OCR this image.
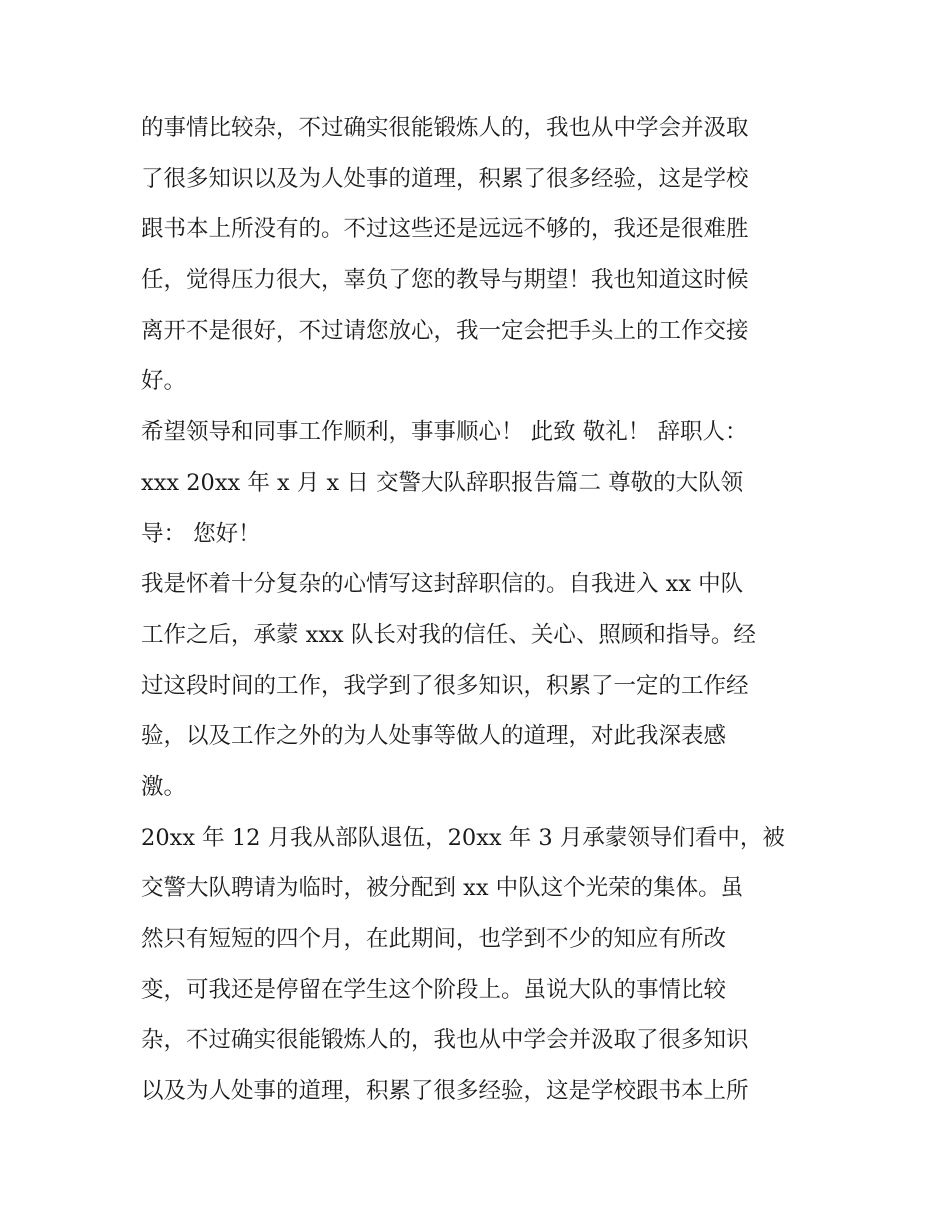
的事情比较杂，不过确实很能锻炼人的，我也从中学会并汲取
了很多知识以及为人处事的道理，积累了很多经验，这是学校
跟书本上所没有的。不过这些还是远远不够的，我还是很难胜
任，觉得压力很大，辜负了您的教导与期望！我也知道这时候
离开不是很好，不过请您放心，我一定会把手头上的工作交接
好。
希望领导和同事工作顺利，事事顺心！ 此致 敬礼！ 辞职人：
xxx 20xx 年 x 月 x 日 交警大队辞职报告篇二 尊敬的大队领
导： 您好！
我是怀着十分复杂的心情写这封辞职信的。自我进入 xx 中队
工作之后，承蒙 xxx 队长对我的信任、关心、照顾和指导。经
过这段时间的工作，我学到了很多知识，积累了一定的工作经
验，以及工作之外的为人处事等做人的道理，对此我深表感
激。
20xx 年 12 月我从部队退伍，20xx 年 3 月承蒙领导们看中，被
交警大队聘请为临时，被分配到 xx 中队这个光荣的集体。虽
然只有短短的四个月，在此期间，也学到不少的知应有所改
变，可我还是停留在学生这个阶段上。虽说大队的事情比较
杂，不过确实很能锻炼人的，我也从中学会并汲取了很多知识
以及为人处事的道理，积累了很多经验，这是学校跟书本上所
